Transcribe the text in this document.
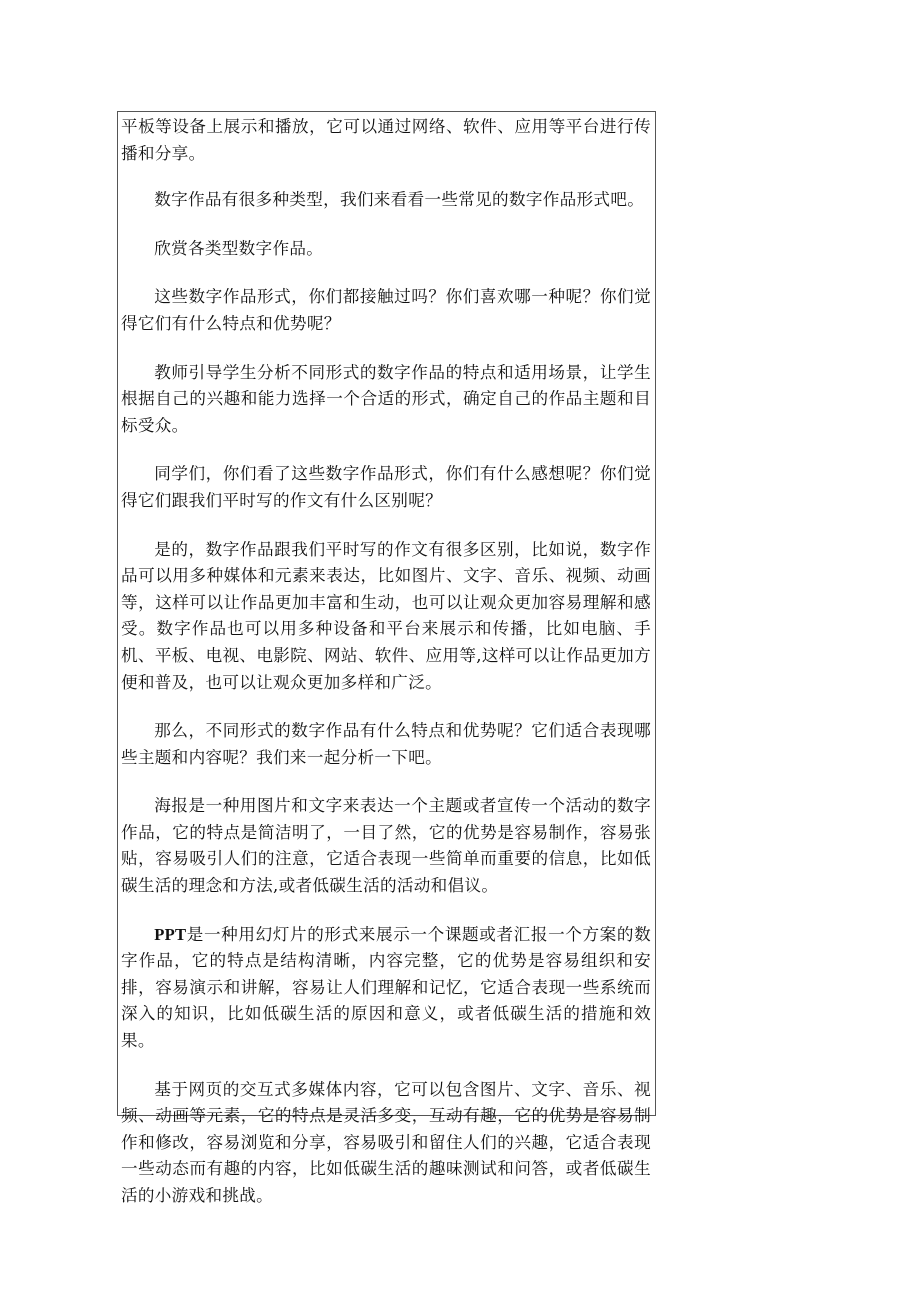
平板等设备上展示和播放，它可以通过网络、软件、应用等平台进行传播和分享。

数字作品有很多种类型，我们来看看一些常见的数字作品形式吧。

欣赏各类型数字作品。

这些数字作品形式，你们都接触过吗？你们喜欢哪一种呢？你们觉得它们有什么特点和优势呢？

教师引导学生分析不同形式的数字作品的特点和适用场景，让学生根据自己的兴趣和能力选择一个合适的形式，确定自己的作品主题和目标受众。

同学们，你们看了这些数字作品形式，你们有什么感想呢？你们觉得它们跟我们平时写的作文有什么区别呢？

是的，数字作品跟我们平时写的作文有很多区别，比如说，数字作品可以用多种媒体和元素来表达，比如图片、文字、音乐、视频、动画等，这样可以让作品更加丰富和生动，也可以让观众更加容易理解和感受。数字作品也可以用多种设备和平台来展示和传播，比如电脑、手机、平板、电视、电影院、网站、软件、应用等,这样可以让作品更加方便和普及，也可以让观众更加多样和广泛。

那么，不同形式的数字作品有什么特点和优势呢？它们适合表现哪些主题和内容呢？我们来一起分析一下吧。

海报是一种用图片和文字来表达一个主题或者宣传一个活动的数字作品，它的特点是简洁明了，一目了然，它的优势是容易制作，容易张贴，容易吸引人们的注意，它适合表现一些简单而重要的信息，比如低碳生活的理念和方法,或者低碳生活的活动和倡议。

PPT是一种用幻灯片的形式来展示一个课题或者汇报一个方案的数字作品，它的特点是结构清晰，内容完整，它的优势是容易组织和安排，容易演示和讲解，容易让人们理解和记忆，它适合表现一些系统而深入的知识，比如低碳生活的原因和意义，或者低碳生活的措施和效果。

基于网页的交互式多媒体内容，它可以包含图片、文字、音乐、视频、动画等元素，它的特点是灵活多变，互动有趣，它的优势是容易制作和修改，容易浏览和分享，容易吸引和留住人们的兴趣，它适合表现一些动态而有趣的内容，比如低碳生活的趣味测试和问答，或者低碳生活的小游戏和挑战。
